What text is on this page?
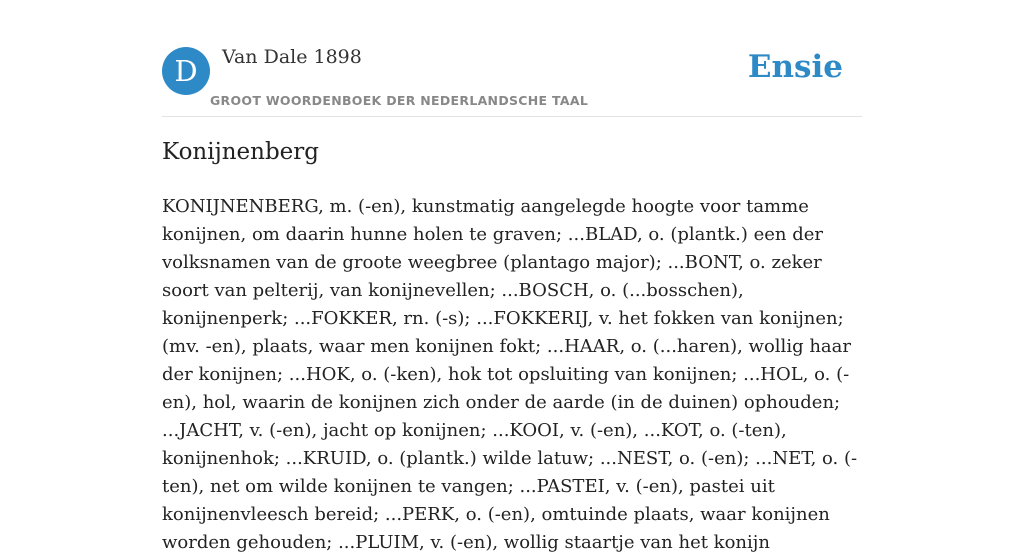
D	Van Dale 1898
GROOT WOORDENBOEK DER NEDERLANDSCHE TAAL
Ensie
Konijnenberg

KONIJNENBERG, m. (-en), kunstmatig aangelegde hoogte voor tamme konijnen, om daarin hunne holen te graven; ...BLAD, o. (plantk.) een der volksnamen van de groote weegbree (plantago major); ...BONT, o. zeker soort van pelterij, van konijnevellen; ...BOSCH, o. (...bosschen), konijnenperk; ...FOKKER, rn. (-s); ...FOKKERIJ, v. het fokken van konijnen; (mv. -en), plaats, waar men konijnen fokt; ...HAAR, o. (...haren), wollig haar der konijnen; ...HOK, o. (-ken), hok tot opsluiting van konijnen; ...HOL, o. (-en), hol, waarin de konijnen zich onder de aarde (in de duinen) ophouden; ...JACHT, v. (-en), jacht op konijnen; ...KOOI, v. (-en), ...KOT, o. (-ten), konijnenhok; ...KRUID, o. (plantk.) wilde latuw; ...NEST, o. (-en); ...NET, o. (-ten), net om wilde konijnen te vangen; ...PASTEI, v. (-en), pastei uit konijnenvleesch bereid; ...PERK, o. (-en), omtuinde plaats, waar konijnen worden gehouden; ...PLUIM, v. (-en), wollig staartje van het konijn
